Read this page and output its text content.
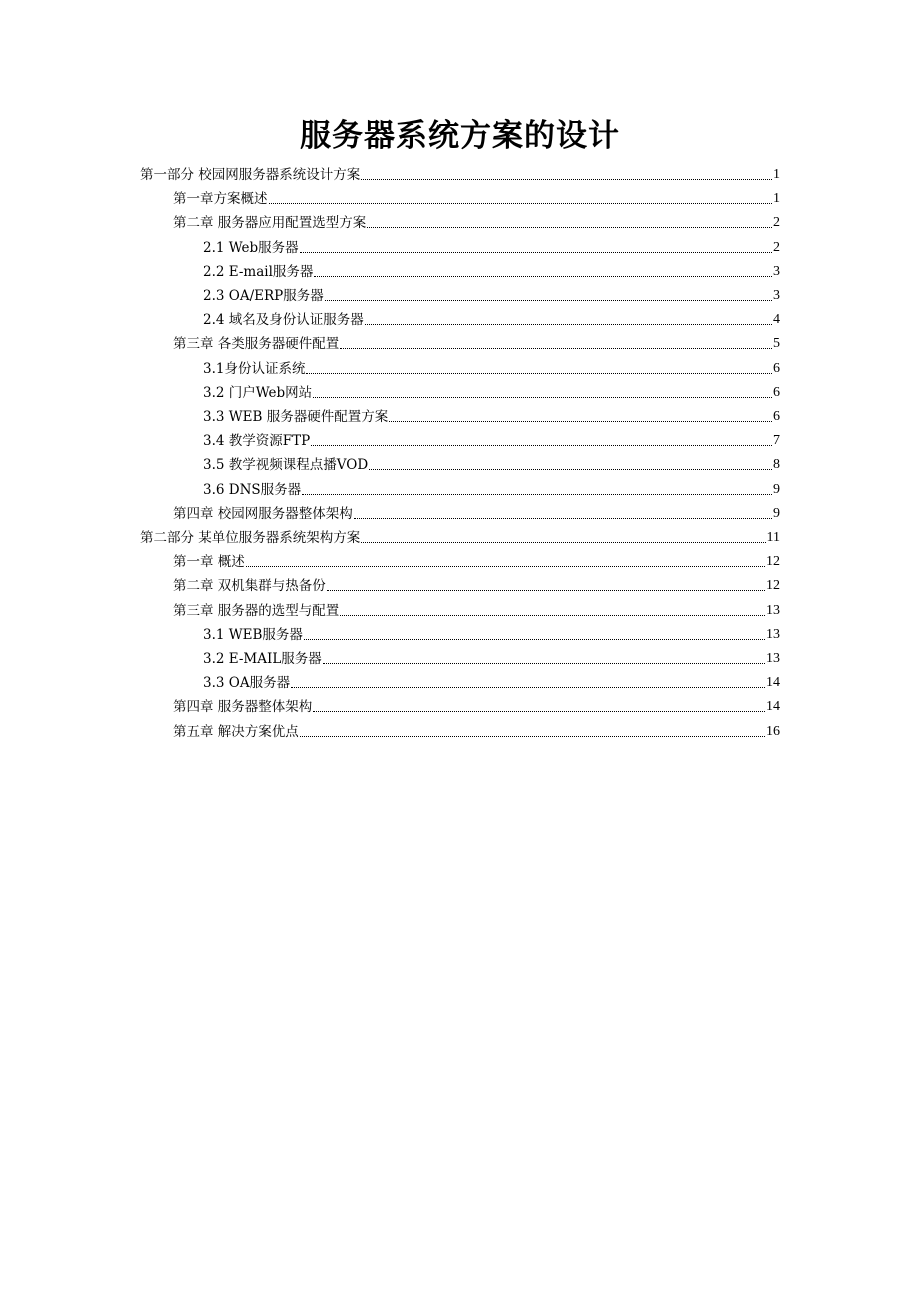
服务器系统方案的设计
第一部分 校园网服务器系统设计方案	1
第一章方案概述	1
第二章 服务器应用配置选型方案	2
2.1 Web服务器	2
2.2 E-mail服务器	3
2.3 OA/ERP服务器	3
2.4 域名及身份认证服务器	4
第三章 各类服务器硬件配置	5
3.1身份认证系统	6
3.2 门户Web网站	6
3.3 WEB 服务器硬件配置方案	6
3.4 教学资源FTP	7
3.5 教学视频课程点播VOD	8
3.6 DNS服务器	9
第四章 校园网服务器整体架构	9
第二部分 某单位服务器系统架构方案	11
第一章 概述	12
第二章 双机集群与热备份	12
第三章 服务器的选型与配置	13
3.1 WEB服务器	13
3.2 E-MAIL服务器	13
3.3 OA服务器	14
第四章 服务器整体架构	14
第五章 解决方案优点	16
